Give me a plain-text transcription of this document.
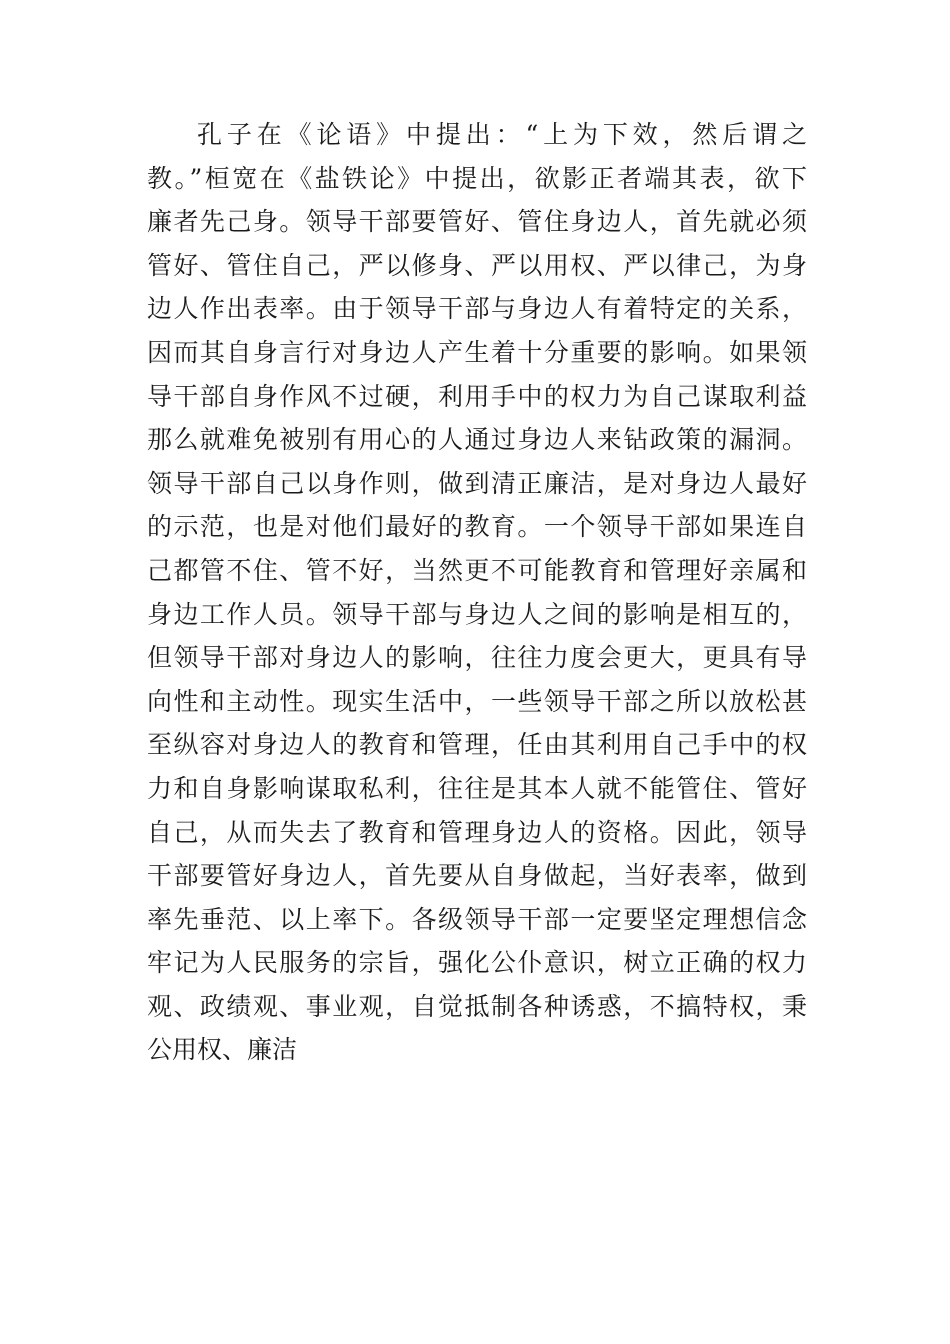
孔子在《论语》中提出：“上为下效，然后谓之
教。”桓宽在《盐铁论》中提出，欲影正者端其表，欲下
廉者先己身。领导干部要管好、管住身边人，首先就必须
管好、管住自己，严以修身、严以用权、严以律己，为身
边人作出表率。由于领导干部与身边人有着特定的关系，
因而其自身言行对身边人产生着十分重要的影响。如果领
导干部自身作风不过硬，利用手中的权力为自己谋取利益
那么就难免被别有用心的人通过身边人来钻政策的漏洞。
领导干部自己以身作则，做到清正廉洁，是对身边人最好
的示范，也是对他们最好的教育。一个领导干部如果连自
己都管不住、管不好，当然更不可能教育和管理好亲属和
身边工作人员。领导干部与身边人之间的影响是相互的，
但领导干部对身边人的影响，往往力度会更大，更具有导
向性和主动性。现实生活中，一些领导干部之所以放松甚
至纵容对身边人的教育和管理，任由其利用自己手中的权
力和自身影响谋取私利，往往是其本人就不能管住、管好
自己，从而失去了教育和管理身边人的资格。因此，领导
干部要管好身边人，首先要从自身做起，当好表率，做到
率先垂范、以上率下。各级领导干部一定要坚定理想信念
牢记为人民服务的宗旨，强化公仆意识，树立正确的权力
观、政绩观、事业观，自觉抵制各种诱惑，不搞特权，秉
公用权、廉洁
